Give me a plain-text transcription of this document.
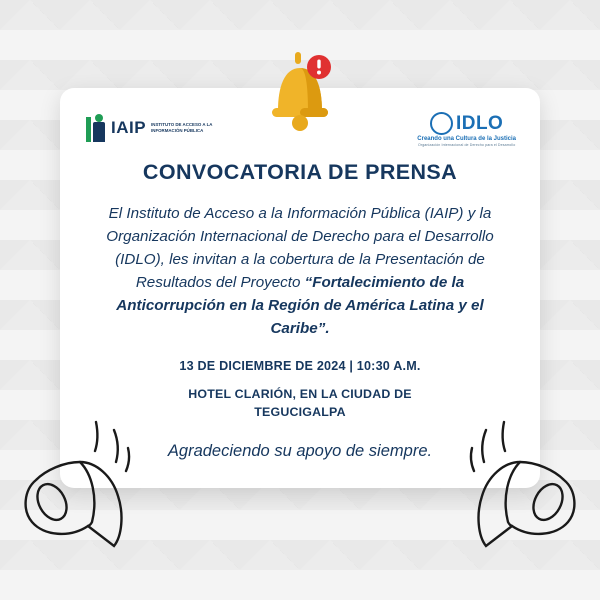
IAIP INSTITUTO DE ACCESO A LA INFORMACIÓN PÚBLICA	IDLO
Creando una Cultura de la Justicia
Organización Internacional de Derecho para el Desarrollo
CONVOCATORIA DE PRENSA
El Instituto de Acceso a la Información Pública (IAIP) y la Organización Internacional de Derecho para el Desarrollo (IDLO), les invitan a la cobertura de la Presentación de Resultados del Proyecto “Fortalecimiento de la Anticorrupción en la Región de América Latina y el Caribe”.
13 DE DICIEMBRE DE 2024 | 10:30 A.M.
HOTEL CLARIÓN, EN LA CIUDAD DE
TEGUCIGALPA
Agradeciendo su apoyo de siempre.
